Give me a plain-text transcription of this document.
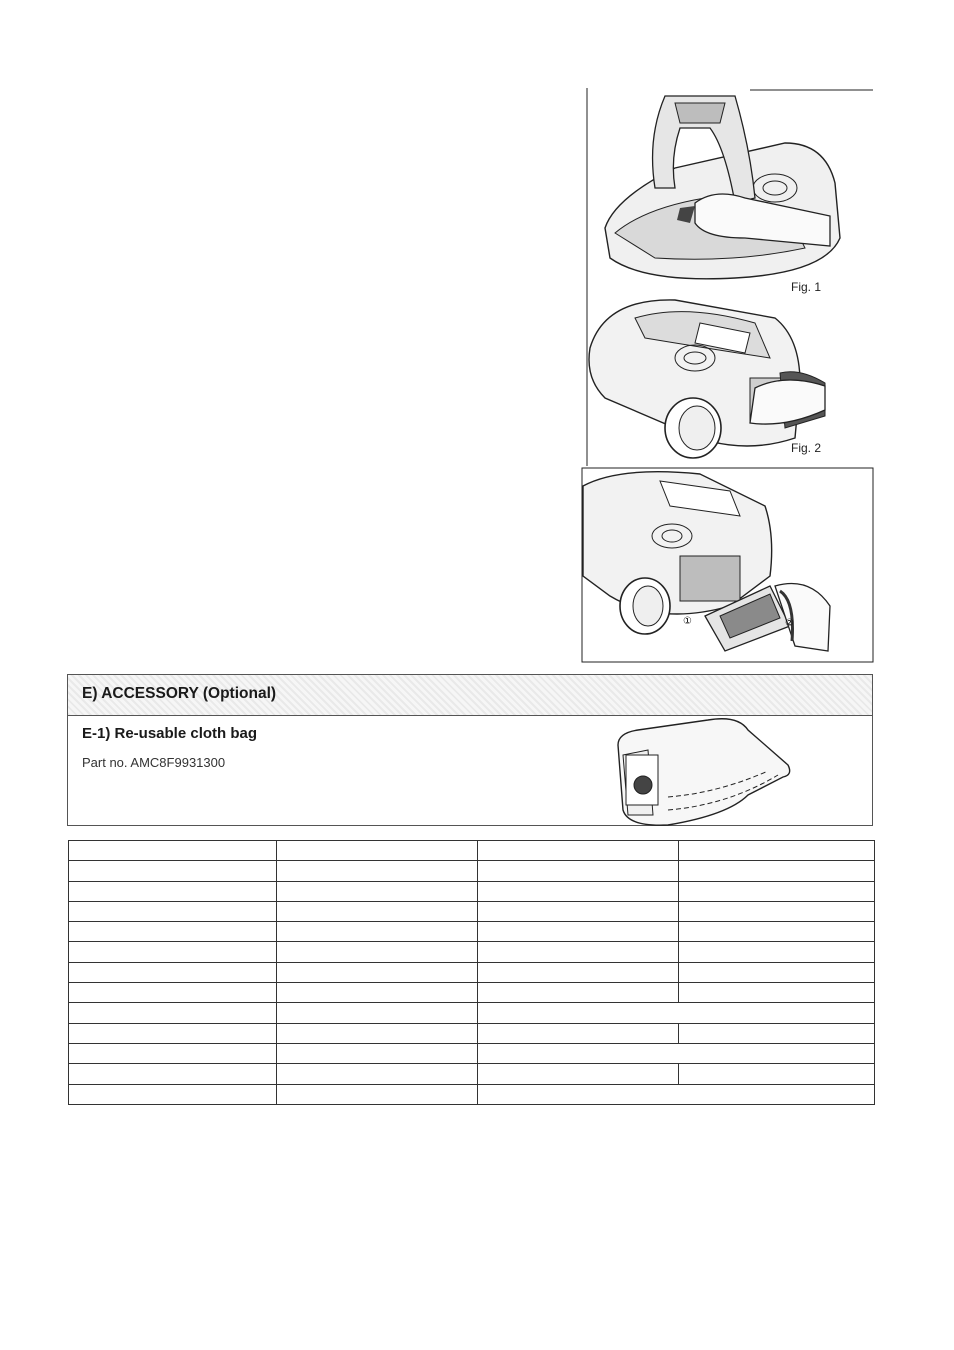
Fig. 1
Fig. 2
①	②
E) ACCESSORY (Optional)
E-1) Re-usable cloth bag
Part no. AMC8F9931300
